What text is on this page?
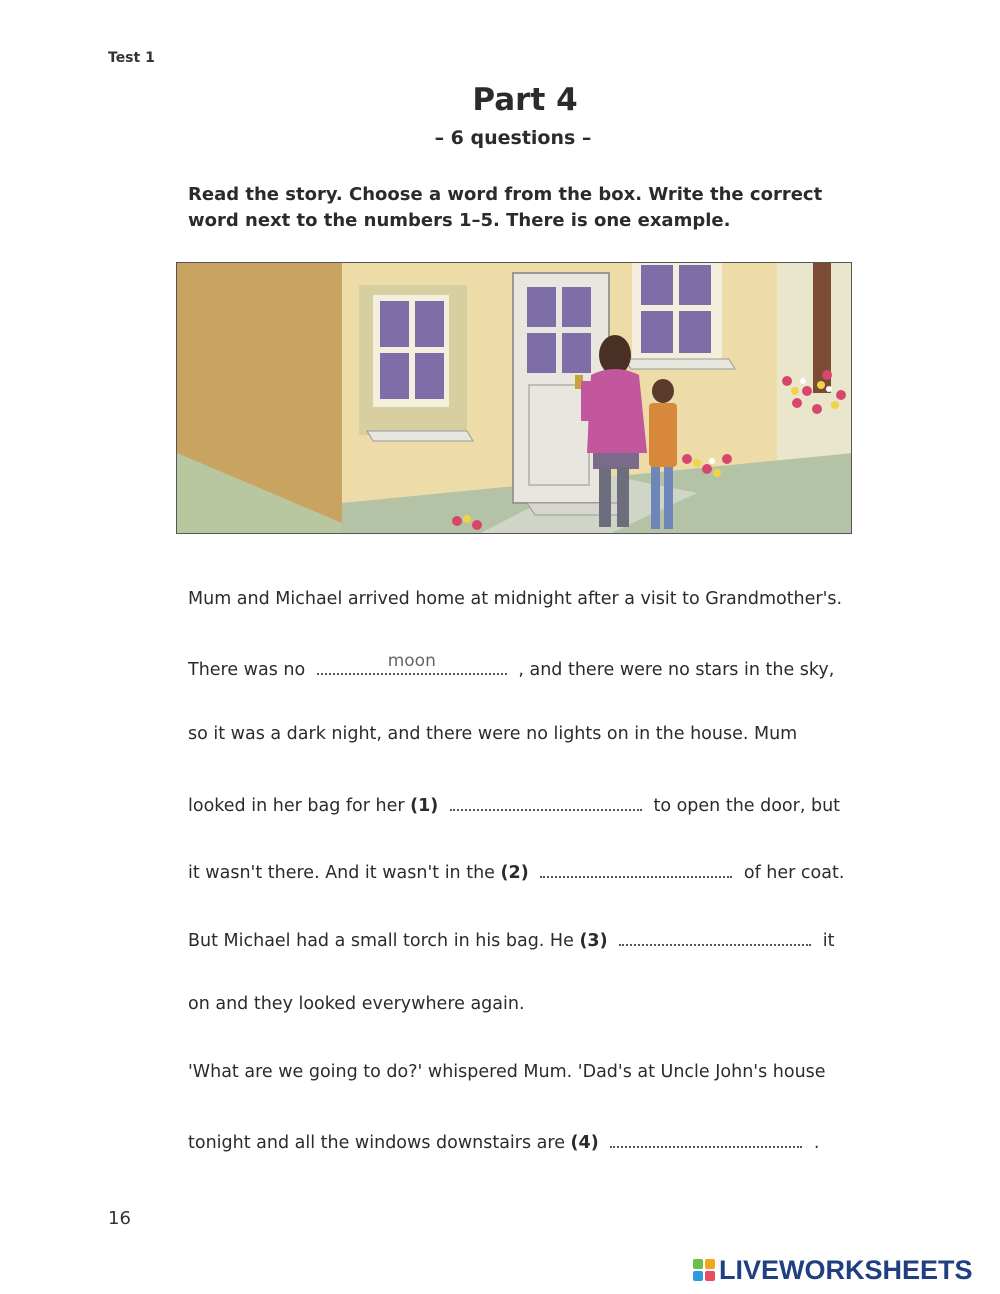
Test 1
Part 4
– 6 questions –
Read the story. Choose a word from the box. Write the correct word next to the numbers 1–5. There is one example.
Mum and Michael arrived home at midnight after a visit to Grandmother's.
There was no	moon	, and there were no stars in the sky,
so it was a dark night, and there were no lights on in the house. Mum
looked in her bag for her (1)	to open the door, but
it wasn't there. And it wasn't in the (2)	of her coat.
But Michael had a small torch in his bag. He (3)	it
on and they looked everywhere again.
'What are we going to do?' whispered Mum. 'Dad's at Uncle John's house
tonight and all the windows downstairs are (4)	.
16
LIVEWORKSHEETS
